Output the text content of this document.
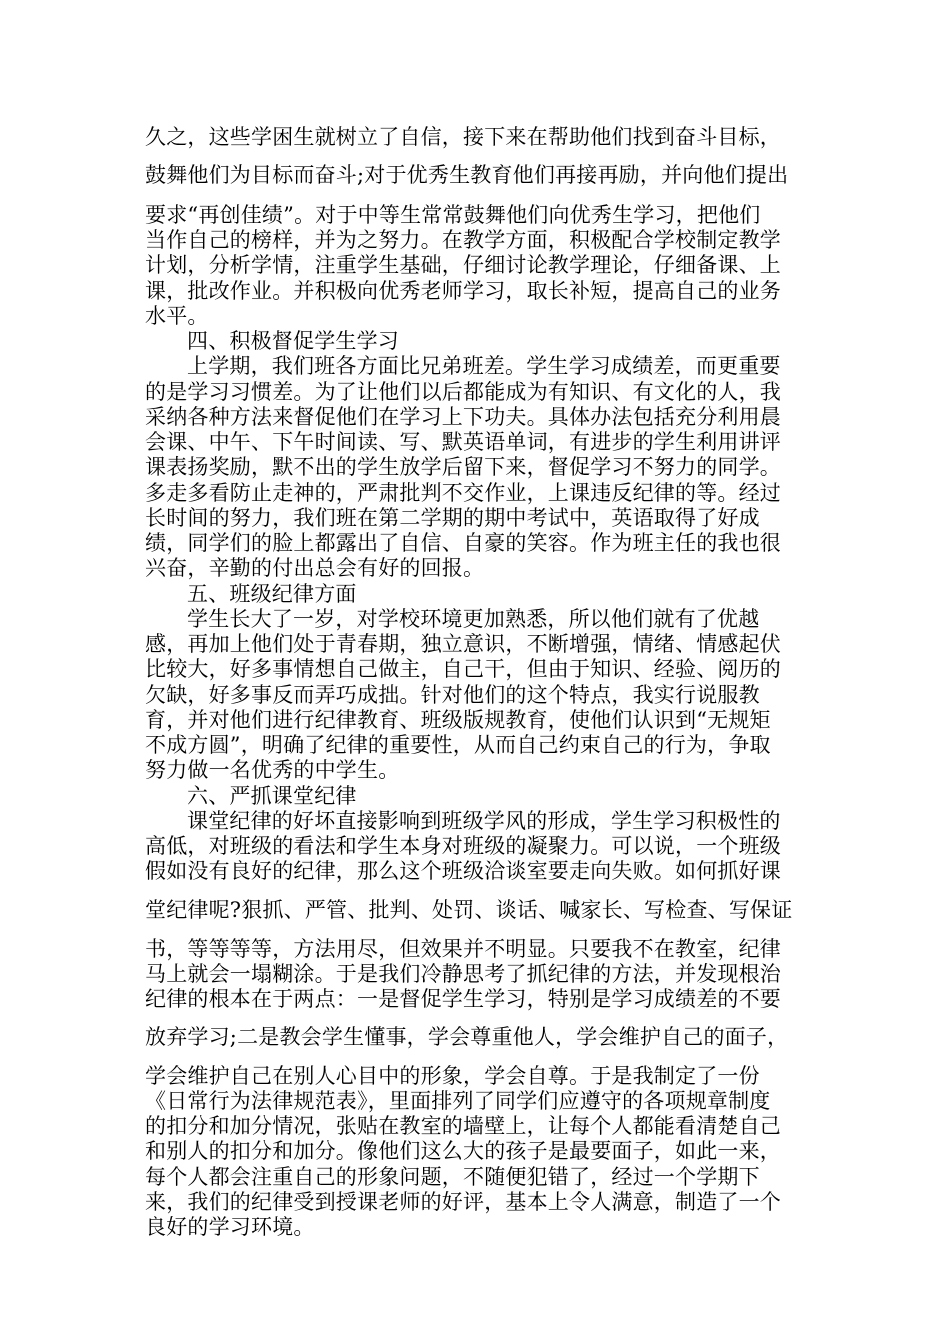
久之，这些学困生就树立了自信，接下来在帮助他们找到奋斗目标，
鼓舞他们为目标而奋斗;对于优秀生教育他们再接再励，并向他们提出
要求“再创佳绩”。对于中等生常常鼓舞他们向优秀生学习，把他们
当作自己的榜样，并为之努力。在教学方面，积极配合学校制定教学
计划，分析学情，注重学生基础，仔细讨论教学理论，仔细备课、上
课，批改作业。并积极向优秀老师学习，取长补短，提高自己的业务
水平。
四、积极督促学生学习
上学期，我们班各方面比兄弟班差。学生学习成绩差，而更重要
的是学习习惯差。为了让他们以后都能成为有知识、有文化的人，我
采纳各种方法来督促他们在学习上下功夫。具体办法包括充分利用晨
会课、中午、下午时间读、写、默英语单词，有进步的学生利用讲评
课表扬奖励，默不出的学生放学后留下来，督促学习不努力的同学。
多走多看防止走神的，严肃批判不交作业，上课违反纪律的等。经过
长时间的努力，我们班在第二学期的期中考试中，英语取得了好成
绩，同学们的脸上都露出了自信、自豪的笑容。作为班主任的我也很
兴奋，辛勤的付出总会有好的回报。
五、班级纪律方面
学生长大了一岁，对学校环境更加熟悉，所以他们就有了优越
感，再加上他们处于青春期，独立意识，不断增强，情绪、情感起伏
比较大，好多事情想自己做主，自己干，但由于知识、经验、阅历的
欠缺，好多事反而弄巧成拙。针对他们的这个特点，我实行说服教
育，并对他们进行纪律教育、班级版规教育，使他们认识到“无规矩
不成方圆”，明确了纪律的重要性，从而自己约束自己的行为，争取
努力做一名优秀的中学生。
六、严抓课堂纪律
课堂纪律的好坏直接影响到班级学风的形成，学生学习积极性的
高低，对班级的看法和学生本身对班级的凝聚力。可以说，一个班级
假如没有良好的纪律，那么这个班级洽谈室要走向失败。如何抓好课
堂纪律呢?狠抓、严管、批判、处罚、谈话、喊家长、写检查、写保证
书，等等等等，方法用尽，但效果并不明显。只要我不在教室，纪律
马上就会一塌糊涂。于是我们冷静思考了抓纪律的方法，并发现根治
纪律的根本在于两点：一是督促学生学习，特别是学习成绩差的不要
放弃学习;二是教会学生懂事，学会尊重他人，学会维护自己的面子，
学会维护自己在别人心目中的形象，学会自尊。于是我制定了一份
《日常行为法律规范表》，里面排列了同学们应遵守的各项规章制度
的扣分和加分情况，张贴在教室的墙壁上，让每个人都能看清楚自己
和别人的扣分和加分。像他们这么大的孩子是最要面子，如此一来，
每个人都会注重自己的形象问题，不随便犯错了，经过一个学期下
来，我们的纪律受到授课老师的好评，基本上令人满意，制造了一个
良好的学习环境。
